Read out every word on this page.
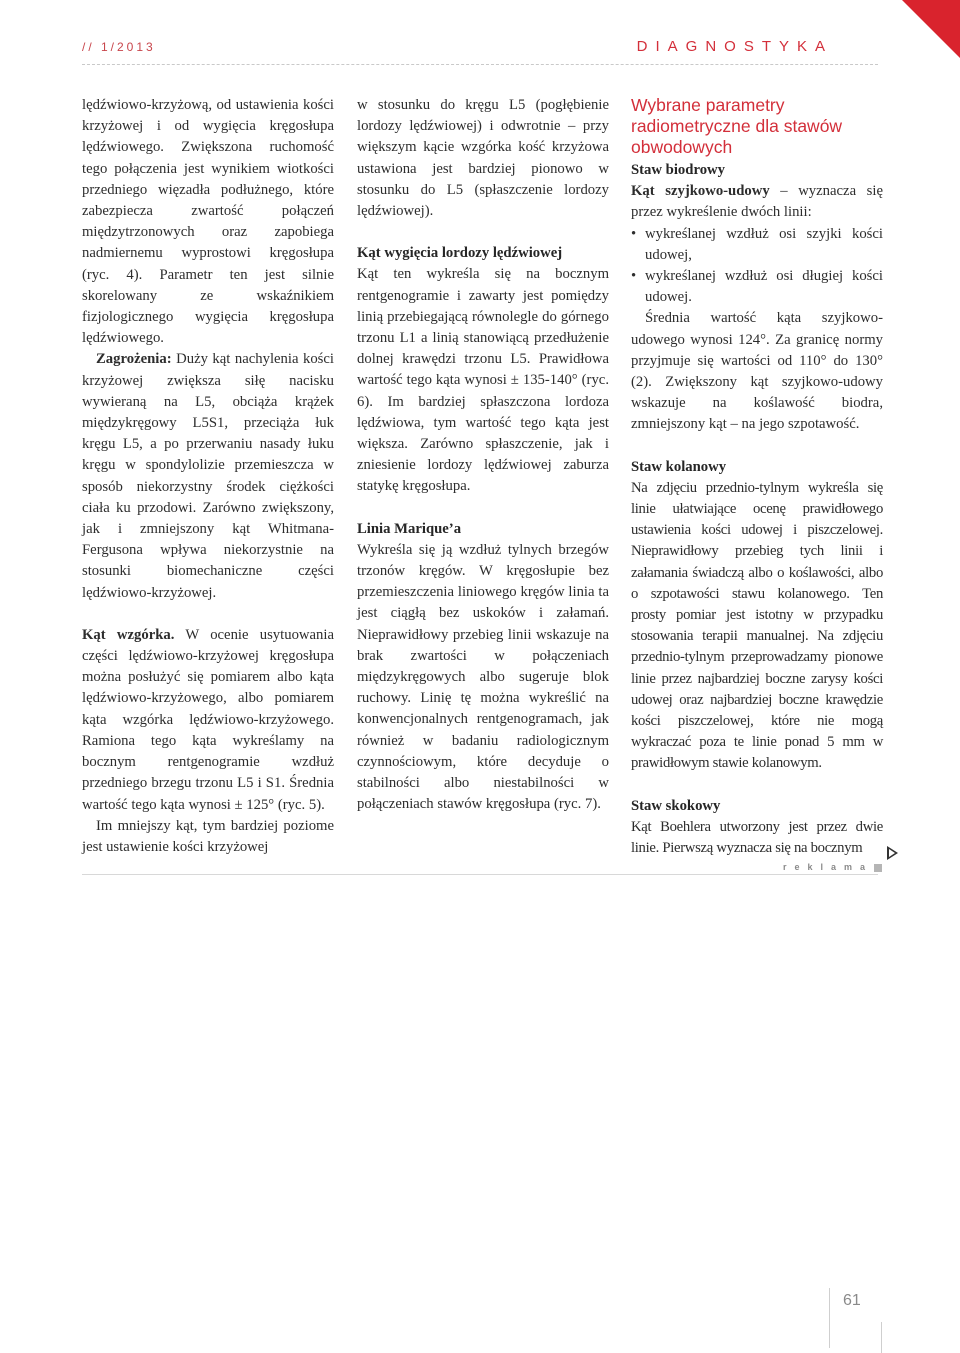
// 1/2013	DIAGNOSTYKA

lędźwiowo-krzyżową, od ustawienia kości krzyżowej i od wygięcia kręgosłupa lędźwiowego. Zwiększona ruchomość tego połączenia jest wynikiem wiotkości przedniego więzadła podłużnego, które zabezpiecza zwartość połączeń międzytrzonowych oraz zapobiega nadmiernemu wyprostowi kręgosłupa (ryc. 4). Parametr ten jest silnie skorelowany ze wskaźnikiem fizjologicznego wygięcia kręgosłupa lędźwiowego.

Zagrożenia: Duży kąt nachylenia kości krzyżowej zwiększa siłę nacisku wywieraną na L5, obciąża krążek międzykręgowy L5S1, przeciąża łuk kręgu L5, a po przerwaniu nasady łuku kręgu w spondylolizie przemieszcza w sposób niekorzystny środek ciężkości ciała ku przodowi. Zarówno zwiększony, jak i zmniejszony kąt Whitmana-Fergusona wpływa niekorzystnie na stosunki biomechaniczne części lędźwiowo-krzyżowej.

Kąt wzgórka. W ocenie usytuowania części lędźwiowo-krzyżowej kręgosłupa można posłużyć się pomiarem albo kąta lędźwiowo-krzyżowego, albo pomiarem kąta wzgórka lędźwiowo-krzyżowego. Ramiona tego kąta wykreślamy na bocznym rentgenogramie wzdłuż przedniego brzegu trzonu L5 i S1. Średnia wartość tego kąta wynosi ± 125° (ryc. 5).

Im mniejszy kąt, tym bardziej poziome jest ustawienie kości krzyżowej

w stosunku do kręgu L5 (pogłębienie lordozy lędźwiowej) i odwrotnie – przy większym kącie wzgórka kość krzyżowa ustawiona jest bardziej pionowo w stosunku do L5 (spłaszczenie lordozy lędźwiowej).

Kąt wygięcia lordozy lędźwiowej

Kąt ten wykreśla się na bocznym rentgenogramie i zawarty jest pomiędzy linią przebiegającą równolegle do górnego trzonu L1 a linią stanowiącą przedłużenie dolnej krawędzi trzonu L5. Prawidłowa wartość tego kąta wynosi ± 135-140° (ryc. 6). Im bardziej spłaszczona lordoza lędźwiowa, tym wartość tego kąta jest większa. Zarówno spłaszczenie, jak i zniesienie lordozy lędźwiowej zaburza statykę kręgosłupa.

Linia Marique’a

Wykreśla się ją wzdłuż tylnych brzegów trzonów kręgów. W kręgosłupie bez przemieszczenia liniowego kręgów linia ta jest ciągłą bez uskoków i załamań. Nieprawidłowy przebieg linii wskazuje na brak zwartości w połączeniach międzykręgowych albo sugeruje blok ruchowy. Linię tę można wykreślić na konwencjonalnych rentgenogramach, jak również w badaniu radiologicznym czynnościowym, które decyduje o stabilności albo niestabilności w połączeniach stawów kręgosłupa (ryc. 7).

Wybrane parametry radiometryczne dla stawów obwodowych
Staw biodrowy

Kąt szyjkowo-udowy – wyznacza się przez wykreślenie dwóch linii:

• wykreślanej wzdłuż osi szyjki kości udowej,
• wykreślanej wzdłuż osi długiej kości udowej.

Średnia wartość kąta szyjkowo-udowego wynosi 124°. Za granicę normy przyjmuje się wartości od 110° do 130° (2). Zwiększony kąt szyjkowo-udowy wskazuje na koślawość biodra, zmniejszony kąt – na jego szpotawość.

Staw kolanowy

Na zdjęciu przednio-tylnym wykreśla się linie ułatwiające ocenę prawidłowego ustawienia kości udowej i piszczelowej. Nieprawidłowy przebieg tych linii i załamania świadczą albo o koślawości, albo o szpotawości stawu kolanowego. Ten prosty pomiar jest istotny w przypadku stosowania terapii manualnej. Na zdjęciu przednio-tylnym przeprowadzamy pionowe linie przez najbardziej boczne zarysy kości udowej oraz najbardziej boczne krawędzie kości piszczelowej, które nie mogą wykraczać poza te linie ponad 5 mm w prawidłowym stawie kolanowym.

Staw skokowy

Kąt Boehlera utworzony jest przez dwie linie. Pierwszą wyznacza się na bocznym

reklama
61
